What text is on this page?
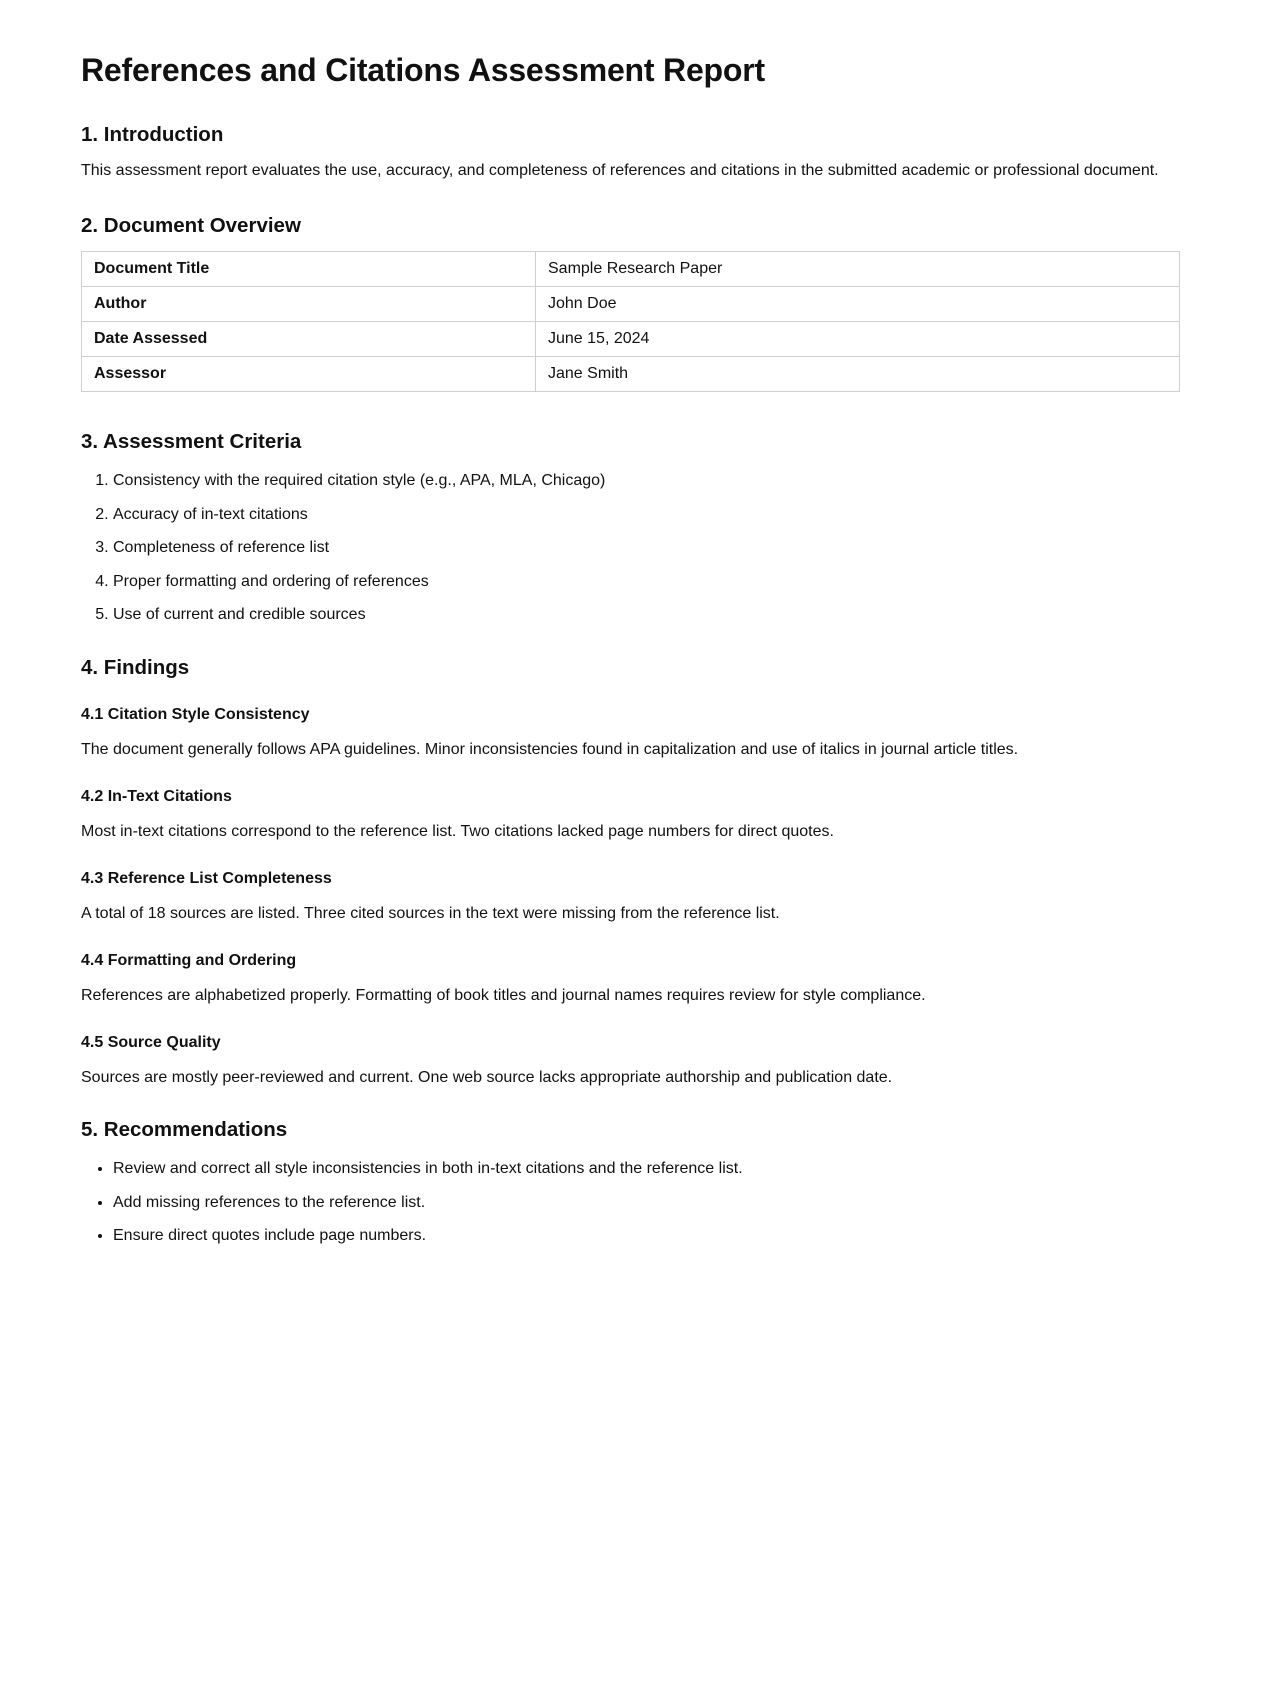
References and Citations Assessment Report
1. Introduction

This assessment report evaluates the use, accuracy, and completeness of references and citations in the submitted academic or professional document.

2. Document Overview
Document Title	Sample Research Paper
Author	John Doe
Date Assessed	June 15, 2024
Assessor	Jane Smith
3. Assessment Criteria
1. Consistency with the required citation style (e.g., APA, MLA, Chicago)
2. Accuracy of in-text citations
3. Completeness of reference list
4. Proper formatting and ordering of references
5. Use of current and credible sources
4. Findings
4.1 Citation Style Consistency

The document generally follows APA guidelines. Minor inconsistencies found in capitalization and use of italics in journal article titles.

4.2 In-Text Citations

Most in-text citations correspond to the reference list. Two citations lacked page numbers for direct quotes.

4.3 Reference List Completeness

A total of 18 sources are listed. Three cited sources in the text were missing from the reference list.

4.4 Formatting and Ordering

References are alphabetized properly. Formatting of book titles and journal names requires review for style compliance.

4.5 Source Quality

Sources are mostly peer-reviewed and current. One web source lacks appropriate authorship and publication date.

5. Recommendations
• Review and correct all style inconsistencies in both in-text citations and the reference list.
• Add missing references to the reference list.
• Ensure direct quotes include page numbers.
